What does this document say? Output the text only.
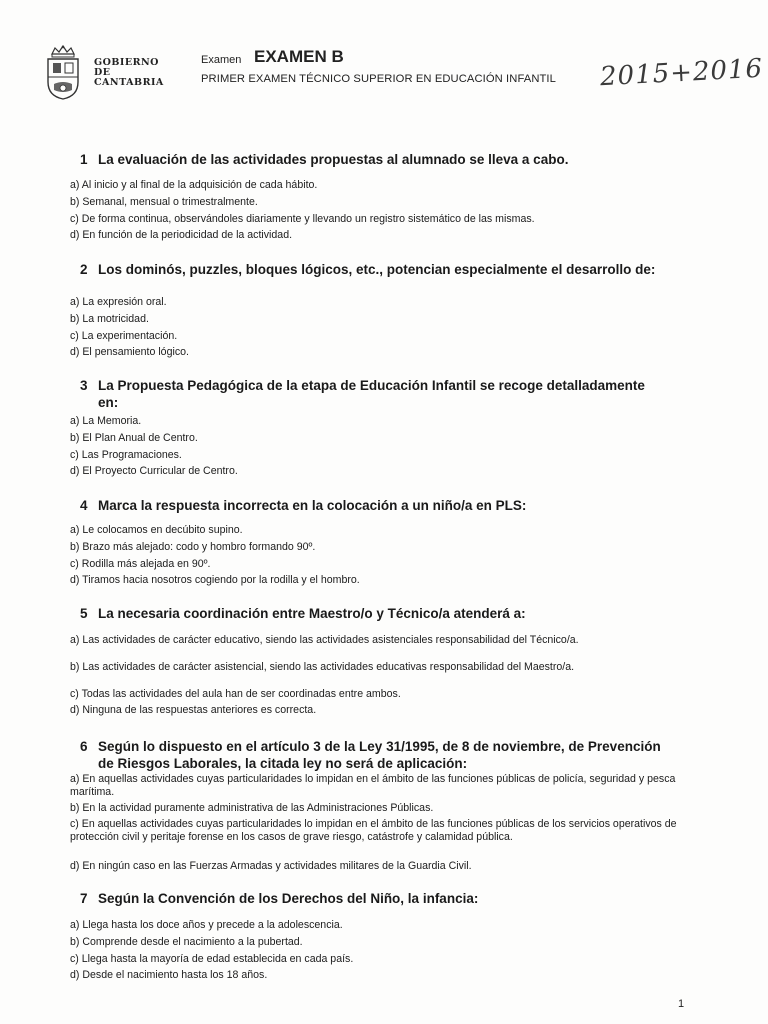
GOBIERNO
DE
CANTABRIA
Examen EXAMEN B
PRIMER EXAMEN TÉCNICO SUPERIOR EN EDUCACIÓN INFANTIL 2015+2016
1 La evaluación de las actividades propuestas al alumnado se lleva a cabo.
a) Al inicio y al final de la adquisición de cada hábito.
b) Semanal, mensual o trimestralmente.
c) De forma continua, observándoles diariamente y llevando un registro sistemático de las mismas.
d) En función de la periodicidad de la actividad.
2 Los dominós, puzzles, bloques lógicos, etc., potencian especialmente el desarrollo de:
a) La expresión oral.
b) La motricidad.
c) La experimentación.
d) El pensamiento lógico.
3 La Propuesta Pedagógica de la etapa de Educación Infantil se recoge detalladamente
en:
a) La Memoria.
b) El Plan Anual de Centro.
c) Las Programaciones.
d) El Proyecto Curricular de Centro.
4 Marca la respuesta incorrecta en la colocación a un niño/a en PLS:
a) Le colocamos en decúbito supino.
b) Brazo más alejado: codo y hombro formando 90º.
c) Rodilla más alejada en 90º.
d) Tiramos hacia nosotros cogiendo por la rodilla y el hombro.
5 La necesaria coordinación entre Maestro/o y Técnico/a atenderá a:
a) Las actividades de carácter educativo, siendo las actividades asistenciales responsabilidad del Técnico/a.
b) Las actividades de carácter asistencial, siendo las actividades educativas responsabilidad del Maestro/a.
c) Todas las actividades del aula han de ser coordinadas entre ambos.
d) Ninguna de las respuestas anteriores es correcta.
6 Según lo dispuesto en el artículo 3 de la Ley 31/1995, de 8 de noviembre, de Prevención
de Riesgos Laborales, la citada ley no será de aplicación:
a) En aquellas actividades cuyas particularidades lo impidan en el ámbito de las funciones públicas de policía, seguridad y pesca marítima.
b) En la actividad puramente administrativa de las Administraciones Públicas.
c) En aquellas actividades cuyas particularidades lo impidan en el ámbito de las funciones públicas de los servicios operativos de protección civil y peritaje forense en los casos de grave riesgo, catástrofe y calamidad pública.
d) En ningún caso en las Fuerzas Armadas y actividades militares de la Guardia Civil.
7 Según la Convención de los Derechos del Niño, la infancia:
a) Llega hasta los doce años y precede a la adolescencia.
b) Comprende desde el nacimiento a la pubertad.
c) Llega hasta la mayoría de edad establecida en cada país.
d) Desde el nacimiento hasta los 18 años.
1
